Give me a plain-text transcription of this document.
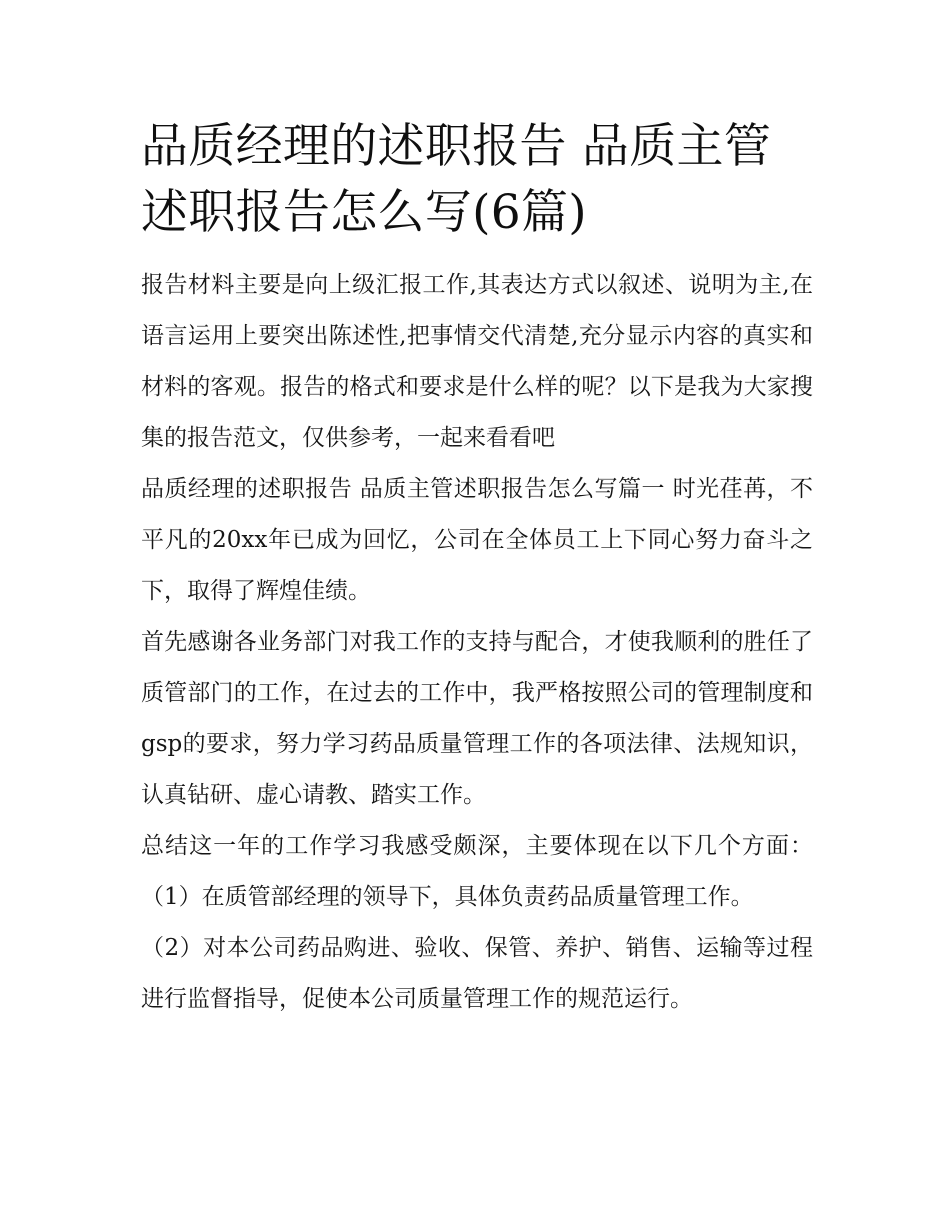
品质经理的述职报告 品质主管述职报告怎么写(6篇)

报告材料主要是向上级汇报工作,其表达方式以叙述、说明为主,在语言运用上要突出陈述性,把事情交代清楚,充分显示内容的真实和材料的客观。报告的格式和要求是什么样的呢？以下是我为大家搜集的报告范文，仅供参考，一起来看看吧

品质经理的述职报告 品质主管述职报告怎么写篇一 时光荏苒，不平凡的20xx年已成为回忆，公司在全体员工上下同心努力奋斗之下，取得了辉煌佳绩。

首先感谢各业务部门对我工作的支持与配合，才使我顺利的胜任了质管部门的工作，在过去的工作中，我严格按照公司的管理制度和gsp的要求，努力学习药品质量管理工作的各项法律、法规知识，认真钻研、虚心请教、踏实工作。

总结这一年的工作学习我感受颇深，主要体现在以下几个方面：（1）在质管部经理的领导下，具体负责药品质量管理工作。

（2）对本公司药品购进、验收、保管、养护、销售、运输等过程进行监督指导，促使本公司质量管理工作的规范运行。
